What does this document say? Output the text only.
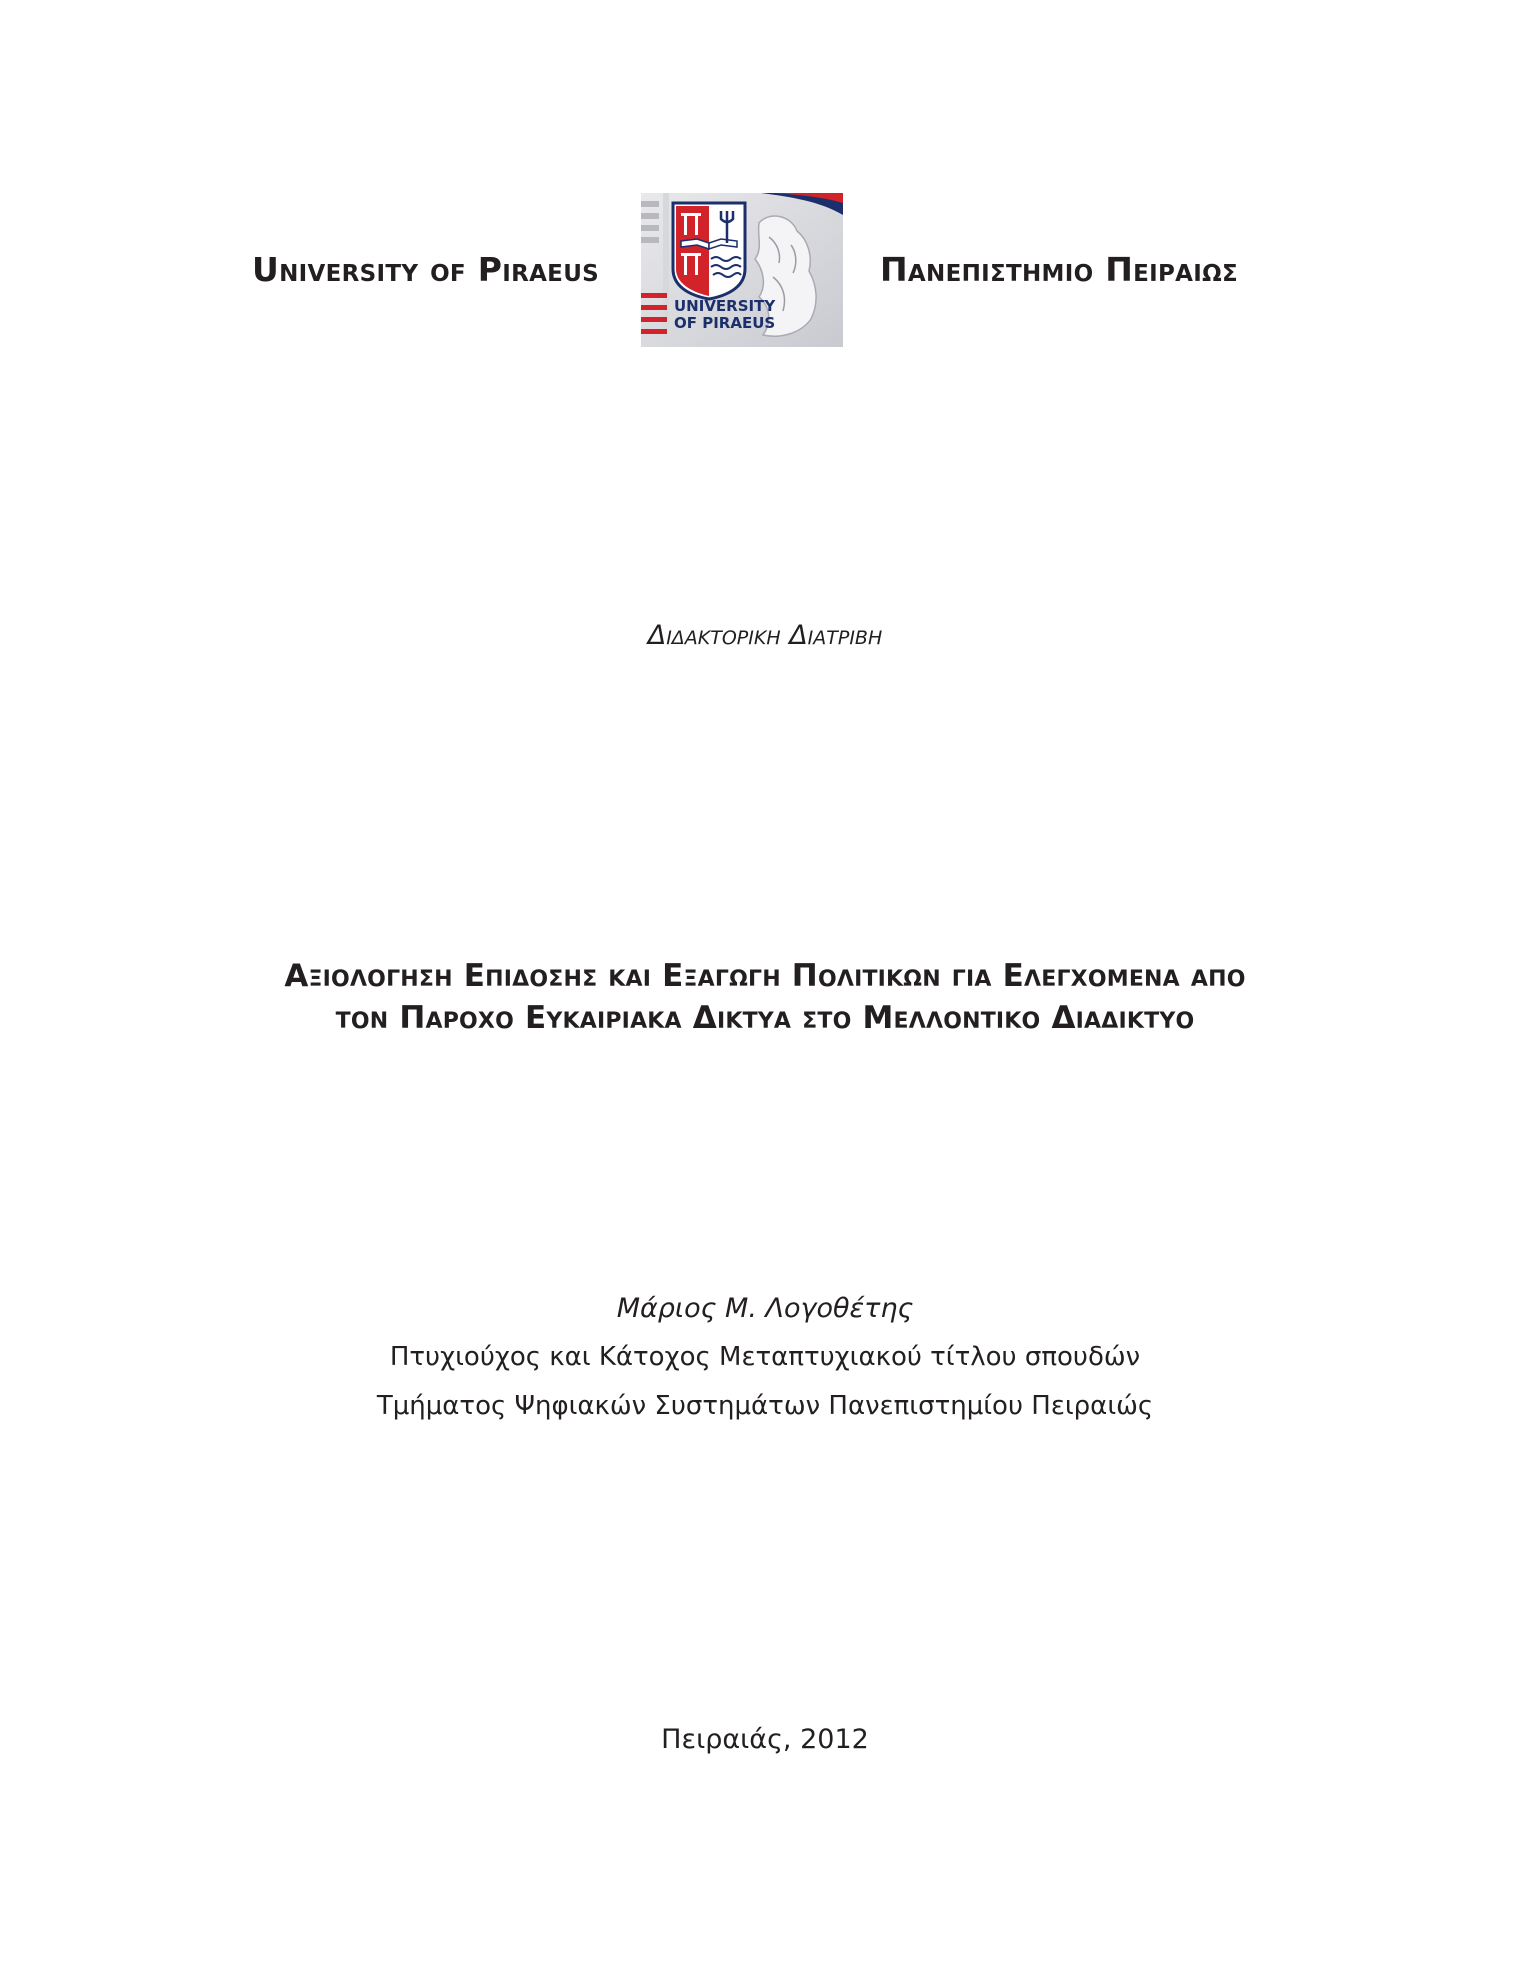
University of Piraeus
UNIVERSITY
OF PIRAEUS
Πανεπιστημιο Πειραιως
Διδακτορικη Διατριβη
Αξιολογηση Επιδοσης και Εξαγωγη Πολιτικων για Ελεγχομενα απο
τον Παροχο Ευκαιριακα Δικτυα στο Μελλοντικο Διαδικτυο
Μάριος Μ. Λογοθέτης
Πτυχιούχος και Κάτοχος Μεταπτυχιακού τίτλου σπουδών
Τμήματος Ψηφιακών Συστημάτων Πανεπιστημίου Πειραιώς
Πειραιάς, 2012
